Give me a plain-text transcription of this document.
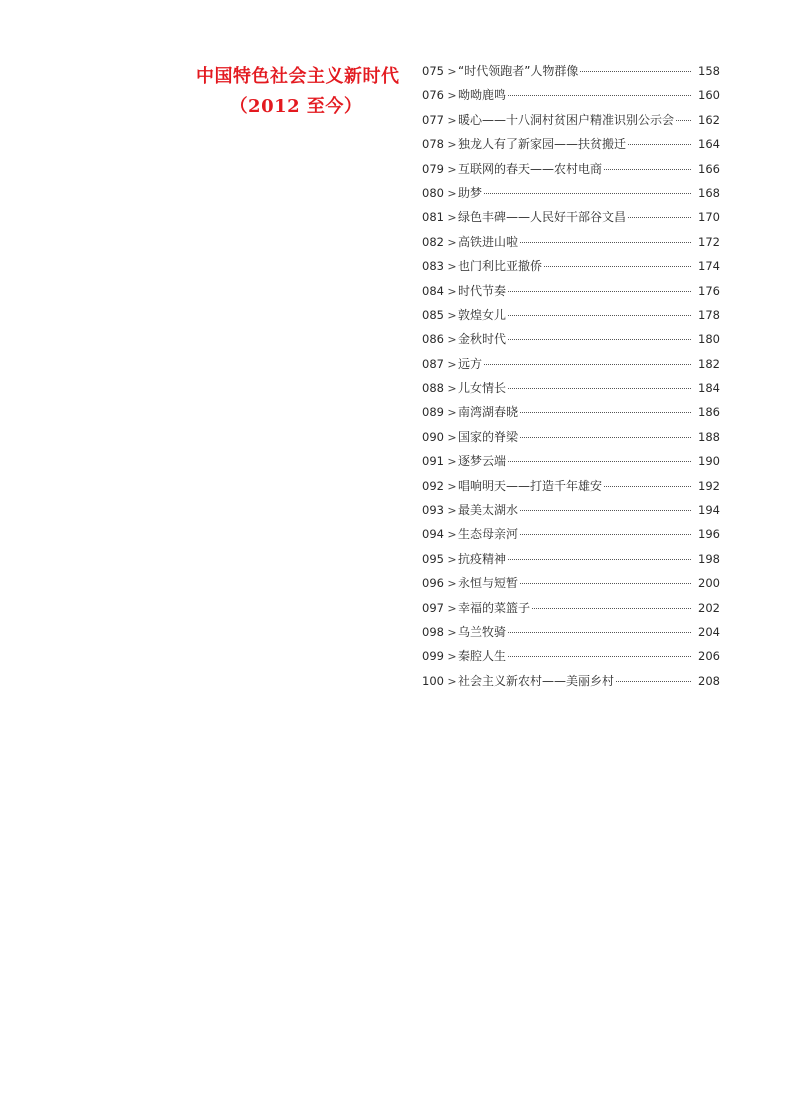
中国特色社会主义新时代
（2012 至今）
075 > “时代领跑者”人物群像	158
076 > 呦呦鹿鸣	160
077 > 暖心——十八洞村贫困户精准识别公示会	162
078 > 独龙人有了新家园——扶贫搬迁	164
079 > 互联网的春天——农村电商	166
080 > 助梦	168
081 > 绿色丰碑——人民好干部谷文昌	170
082 > 高铁进山啦	172
083 > 也门利比亚撤侨	174
084 > 时代节奏	176
085 > 敦煌女儿	178
086 > 金秋时代	180
087 > 远方	182
088 > 儿女情长	184
089 > 南湾湖春晓	186
090 > 国家的脊梁	188
091 > 逐梦云端	190
092 > 唱响明天——打造千年雄安	192
093 > 最美太湖水	194
094 > 生态母亲河	196
095 > 抗疫精神	198
096 > 永恒与短暂	200
097 > 幸福的菜篮子	202
098 > 乌兰牧骑	204
099 > 秦腔人生	206
100 > 社会主义新农村——美丽乡村	208
